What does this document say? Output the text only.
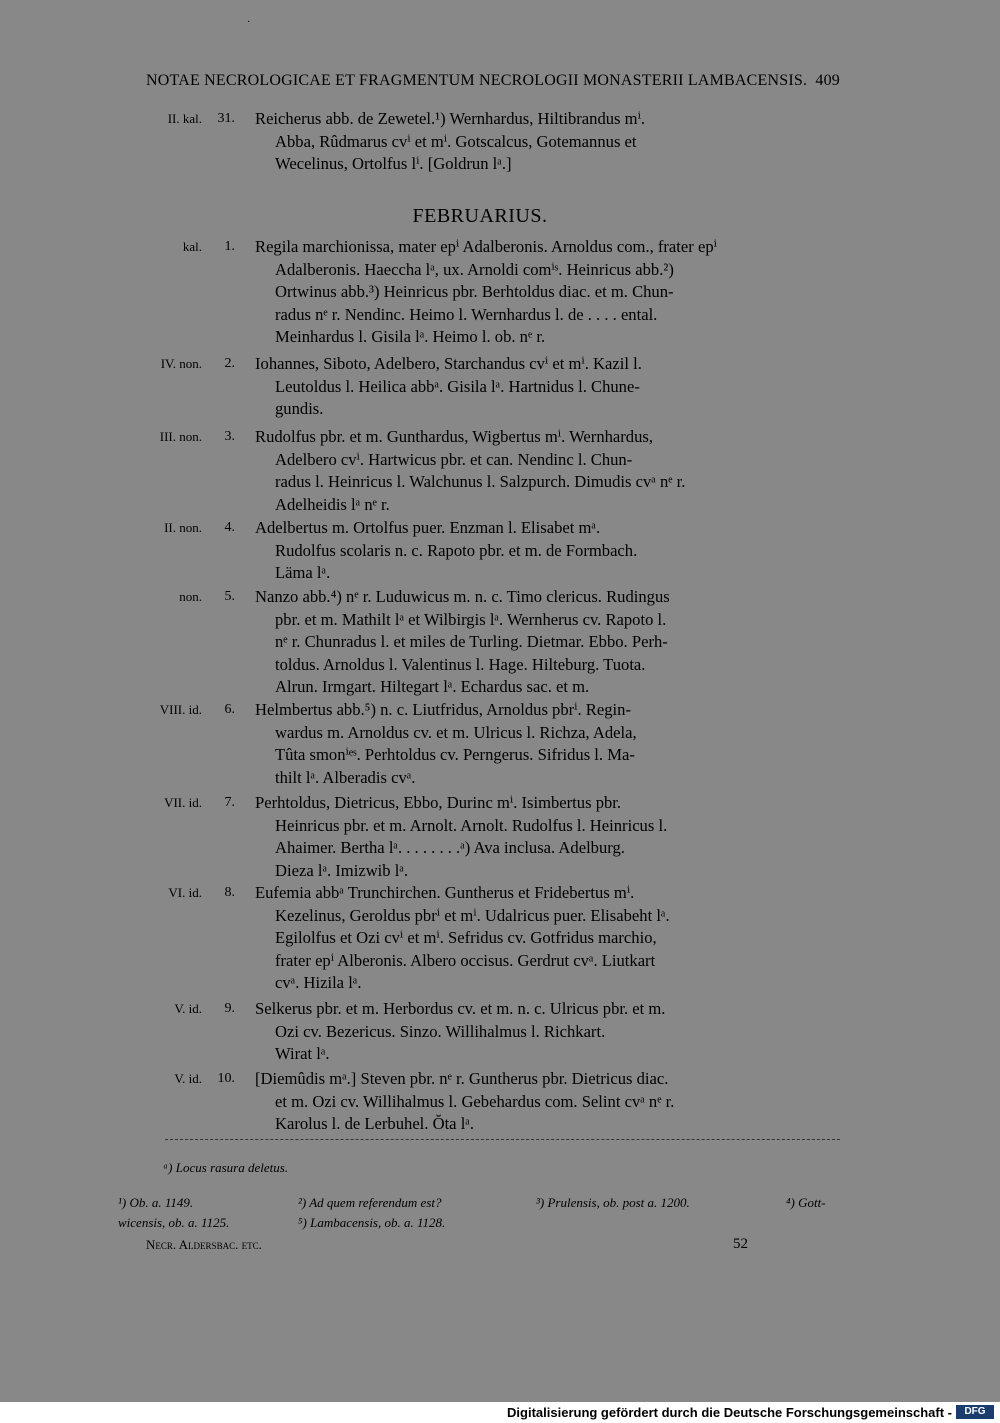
·
NOTAE NECROLOGICAE ET FRAGMENTUM NECROLOGII MONASTERII LAMBACENSIS. 409
II. kal. 31. Reicherus abb. de Zewetel.¹) Wernhardus, Hiltibrandus mⁱ.
Abba, Rûdmarus cvⁱ et mⁱ. Gotscalcus, Gotemannus et
Wecelinus, Ortolfus lⁱ. [Goldrun lᵃ.]
FEBRUARIUS.
kal. 1. Regila marchionissa, mater epⁱ Adalberonis. Arnoldus com., frater epⁱ
Adalberonis. Haeccha lᵃ, ux. Arnoldi comⁱˢ. Heinricus abb.²)
Ortwinus abb.³) Heinricus pbr. Berhtoldus diac. et m. Chun-
radus nᵉ r. Nendinc. Heimo l. Wernhardus l. de . . . . ental.
Meinhardus l. Gisila lᵃ. Heimo l. ob. nᵉ r.
IV. non. 2. Iohannes, Siboto, Adelbero, Starchandus cvⁱ et mⁱ. Kazil l.
Leutoldus l. Heilica abbᵃ. Gisila lᵃ. Hartnidus l. Chune-
gundis.
III. non. 3. Rudolfus pbr. et m. Gunthardus, Wigbertus mⁱ. Wernhardus,
Adelbero cvⁱ. Hartwicus pbr. et can. Nendinc l. Chun-
radus l. Heinricus l. Walchunus l. Salzpurch. Dimudis cvᵃ nᵉ r.
Adelheidis lᵃ nᵉ r.
II. non. 4. Adelbertus m. Ortolfus puer. Enzman l. Elisabet mᵃ.
Rudolfus scolaris n. c. Rapoto pbr. et m. de Formbach.
Läma lᵃ.
non. 5. Nanzo abb.⁴) nᵉ r. Luduwicus m. n. c. Timo clericus. Rudingus
pbr. et m. Mathilt lᵃ et Wilbirgis lᵃ. Wernherus cv. Rapoto l.
nᵉ r. Chunradus l. et miles de Turling. Dietmar. Ebbo. Perh-
toldus. Arnoldus l. Valentinus l. Hage. Hilteburg. Tuota.
Alrun. Irmgart. Hiltegart lᵃ. Echardus sac. et m.
VIII. id. 6. Helmbertus abb.⁵) n. c. Liutfridus, Arnoldus pbrⁱ. Regin-
wardus m. Arnoldus cv. et m. Ulricus l. Richza, Adela,
Tûta smonⁱᵉˢ. Perhtoldus cv. Perngerus. Sifridus l. Ma-
thilt lᵃ. Alberadis cvᵃ.
VII. id. 7. Perhtoldus, Dietricus, Ebbo, Durinc mⁱ. Isimbertus pbr.
Heinricus pbr. et m. Arnolt. Arnolt. Rudolfus l. Heinricus l.
Ahaimer. Bertha lᵃ. . . . . . . .ᵃ) Ava inclusa. Adelburg.
Dieza lᵃ. Imizwib lᵃ.
VI. id. 8. Eufemia abbᵃ Trunchirchen. Guntherus et Fridebertus mⁱ.
Kezelinus, Geroldus pbrⁱ et mⁱ. Udalricus puer. Elisabeht lᵃ.
Egilolfus et Ozi cvⁱ et mⁱ. Sefridus cv. Gotfridus marchio,
frater epⁱ Alberonis. Albero occisus. Gerdrut cvᵃ. Liutkart
cvᵃ. Hizila lᵃ.
V. id. 9. Selkerus pbr. et m. Herbordus cv. et m. n. c. Ulricus pbr. et m.
Ozi cv. Bezericus. Sinzo. Willihalmus l. Richkart.
Wirat lᵃ.
V. id. 10. [Diemûdis mᵃ.] Steven pbr. nᵉ r. Guntherus pbr. Dietricus diac.
et m. Ozi cv. Willihalmus l. Gebehardus com. Selint cvᵃ nᵉ r.
Karolus l. de Lerbuhel. Ŏta lᵃ.
ᵃ) Locus rasura deletus.
¹) Ob. a. 1149.	²) Ad quem referendum est?	³) Prulensis, ob. post a. 1200.	⁴) Gott-
wicensis, ob. a. 1125.	⁵) Lambacensis, ob. a. 1128.
Necr. Aldersbac. etc.	52
Digitalisierung gefördert durch die Deutsche Forschungsgemeinschaft -	DFG
